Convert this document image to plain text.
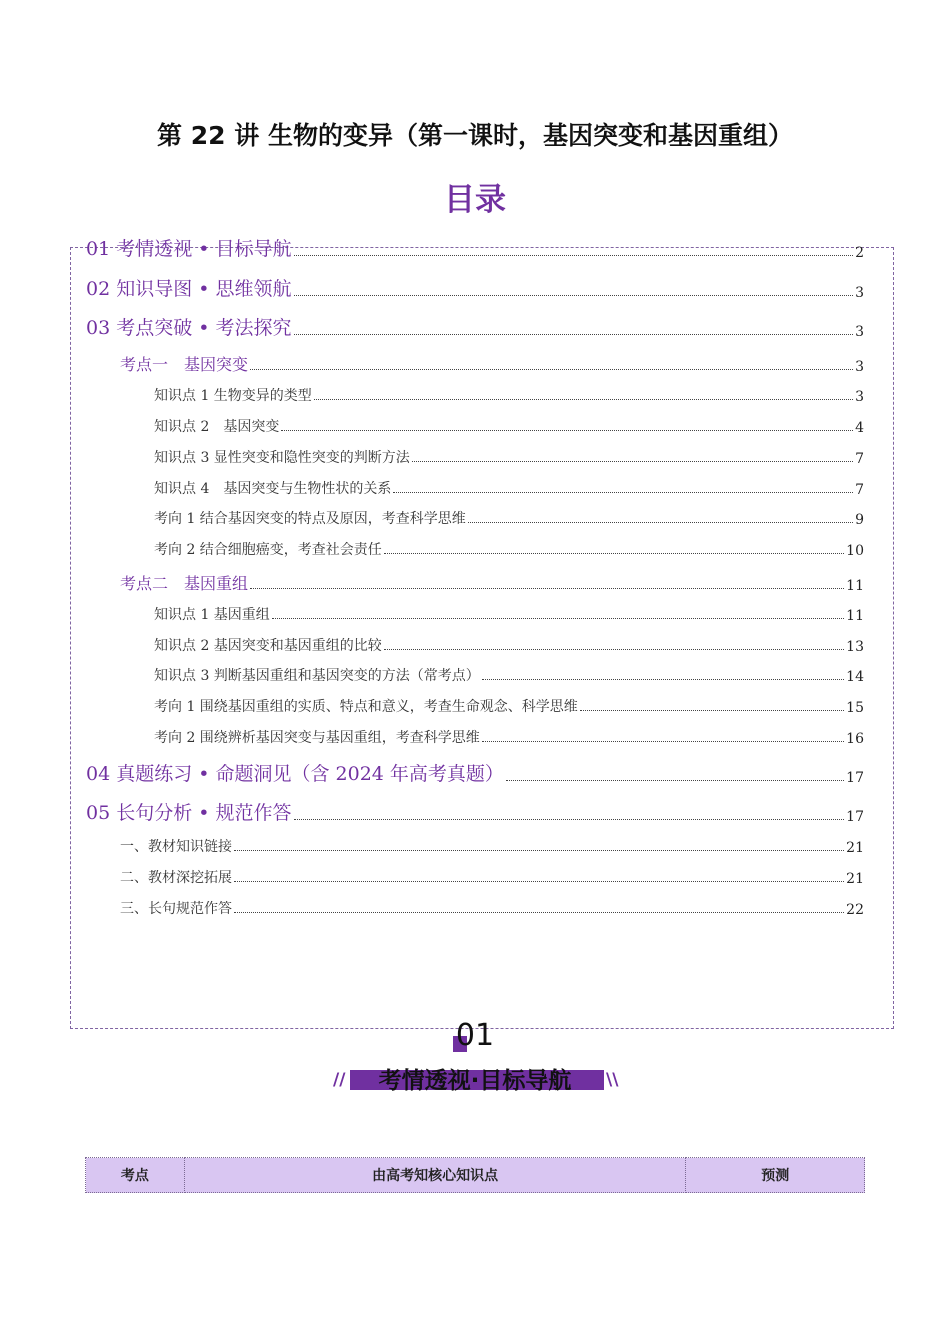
第 22 讲 生物的变异（第一课时，基因突变和基因重组）
目录
01 考情透视 • 目标导航	2
02 知识导图 • 思维领航	3
03 考点突破 • 考法探究	3
考点一　基因突变	3
知识点 1 生物变异的类型	3
知识点 2　基因突变	4
知识点 3 显性突变和隐性突变的判断方法	7
知识点 4　基因突变与生物性状的关系	7
考向 1 结合基因突变的特点及原因，考查科学思维	9
考向 2 结合细胞癌变，考查社会责任	10
考点二　基因重组	11
知识点 1 基因重组	11
知识点 2 基因突变和基因重组的比较	13
知识点 3 判断基因重组和基因突变的方法（常考点）	14
考向 1 围绕基因重组的实质、特点和意义，考查生命观念、科学思维	15
考向 2 围绕辨析基因突变与基因重组，考查科学思维	16
04 真题练习 • 命题洞见（含 2024 年高考真题）	17
05 长句分析 • 规范作答	17
一、教材知识链接	21
二、教材深挖拓展	21
三、长句规范作答	22
01
//	考情透视·目标导航	\\
考点	由高考知核心知识点	预测
